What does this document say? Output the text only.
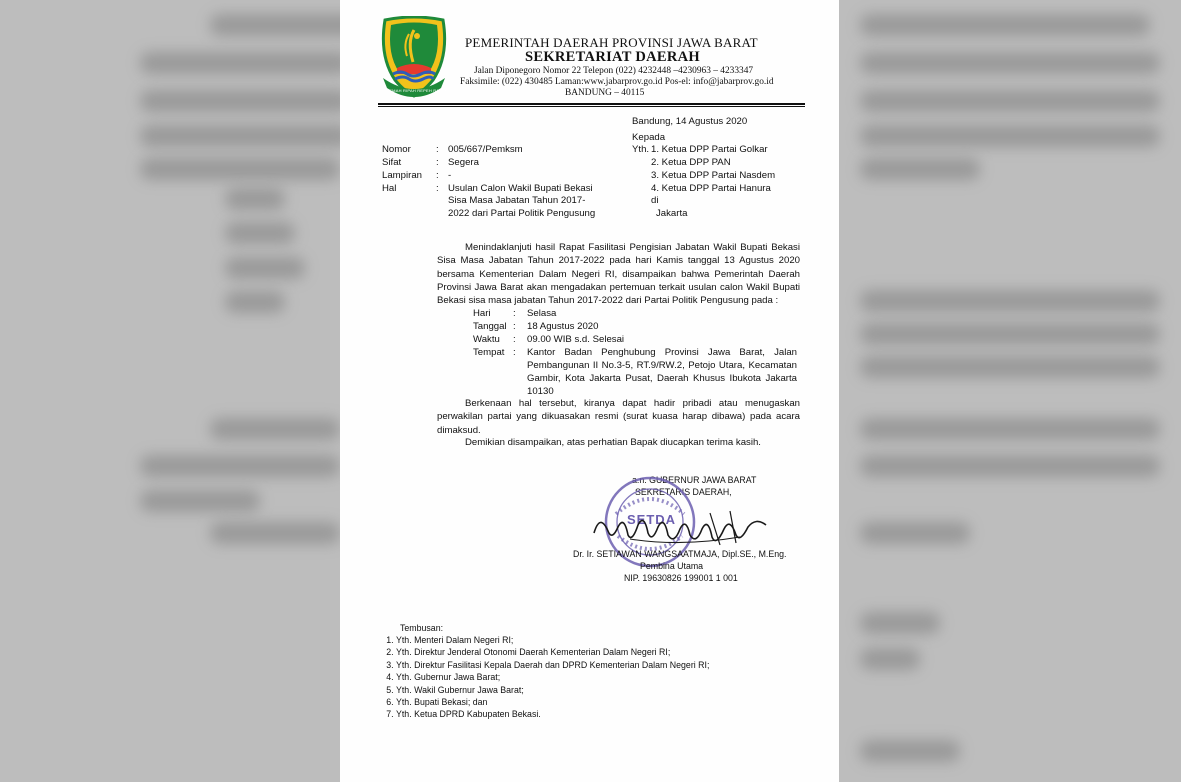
GEMAH RIPAH REPEH RAPIH
PEMERINTAH DAERAH PROVINSI JAWA BARAT
SEKRETARIAT DAERAH
Jalan Diponegoro Nomor 22 Telepon (022) 4232448 –4230963 – 4233347
Faksimile: (022) 430485 Laman:www.jabarprov.go.id Pos-el: info@jabarprov.go.id
BANDUNG – 40115
Bandung, 14 Agustus 2020
Kepada
Yth. 1. Ketua DPP Partai Golkar
2. Ketua DPP PAN
3. Ketua DPP Partai Nasdem
4. Ketua DPP Partai Hanura
di
Jakarta
Nomor	: 005/667/Pemksm
Sifat	: Segera
Lampiran : -
Hal	: Usulan Calon Wakil Bupati Bekasi
Sisa Masa Jabatan Tahun 2017-
2022 dari Partai Politik Pengusung
Menindaklanjuti hasil Rapat Fasilitasi Pengisian Jabatan Wakil Bupati Bekasi Sisa Masa Jabatan Tahun 2017-2022 pada hari Kamis tanggal 13 Agustus 2020 bersama Kementerian Dalam Negeri RI, disampaikan bahwa Pemerintah Daerah Provinsi Jawa Barat akan mengadakan pertemuan terkait usulan calon Wakil Bupati Bekasi sisa masa jabatan Tahun 2017-2022 dari Partai Politik Pengusung pada :
Hari : Selasa
Tanggal : 18 Agustus 2020
Waktu : 09.00 WIB s.d. Selesai
Tempat : Kantor Badan Penghubung Provinsi Jawa Barat, Jalan Pembangunan II No.3-5, RT.9/RW.2, Petojo Utara, Kecamatan Gambir, Kota Jakarta Pusat, Daerah Khusus Ibukota Jakarta 10130
Berkenaan hal tersebut, kiranya dapat hadir pribadi atau menugaskan perwakilan partai yang dikuasakan resmi (surat kuasa harap dibawa) pada acara dimaksud.
Demikian disampaikan, atas perhatian Bapak diucapkan terima kasih.
a.n. GUBERNUR JAWA BARAT
SEKRETARIS DAERAH,
SETDA
Dr. Ir. SETIAWAN WANGSAATMAJA, Dipl.SE., M.Eng.
Pembina Utama
NIP. 19630826 199001 1 001
Tembusan:
1. Yth. Menteri Dalam Negeri RI;
2. Yth. Direktur Jenderal Otonomi Daerah Kementerian Dalam Negeri RI;
3. Yth. Direktur Fasilitasi Kepala Daerah dan DPRD Kementerian Dalam Negeri RI;
4. Yth. Gubernur Jawa Barat;
5. Yth. Wakil Gubernur Jawa Barat;
6. Yth. Bupati Bekasi; dan
7. Yth. Ketua DPRD Kabupaten Bekasi.
